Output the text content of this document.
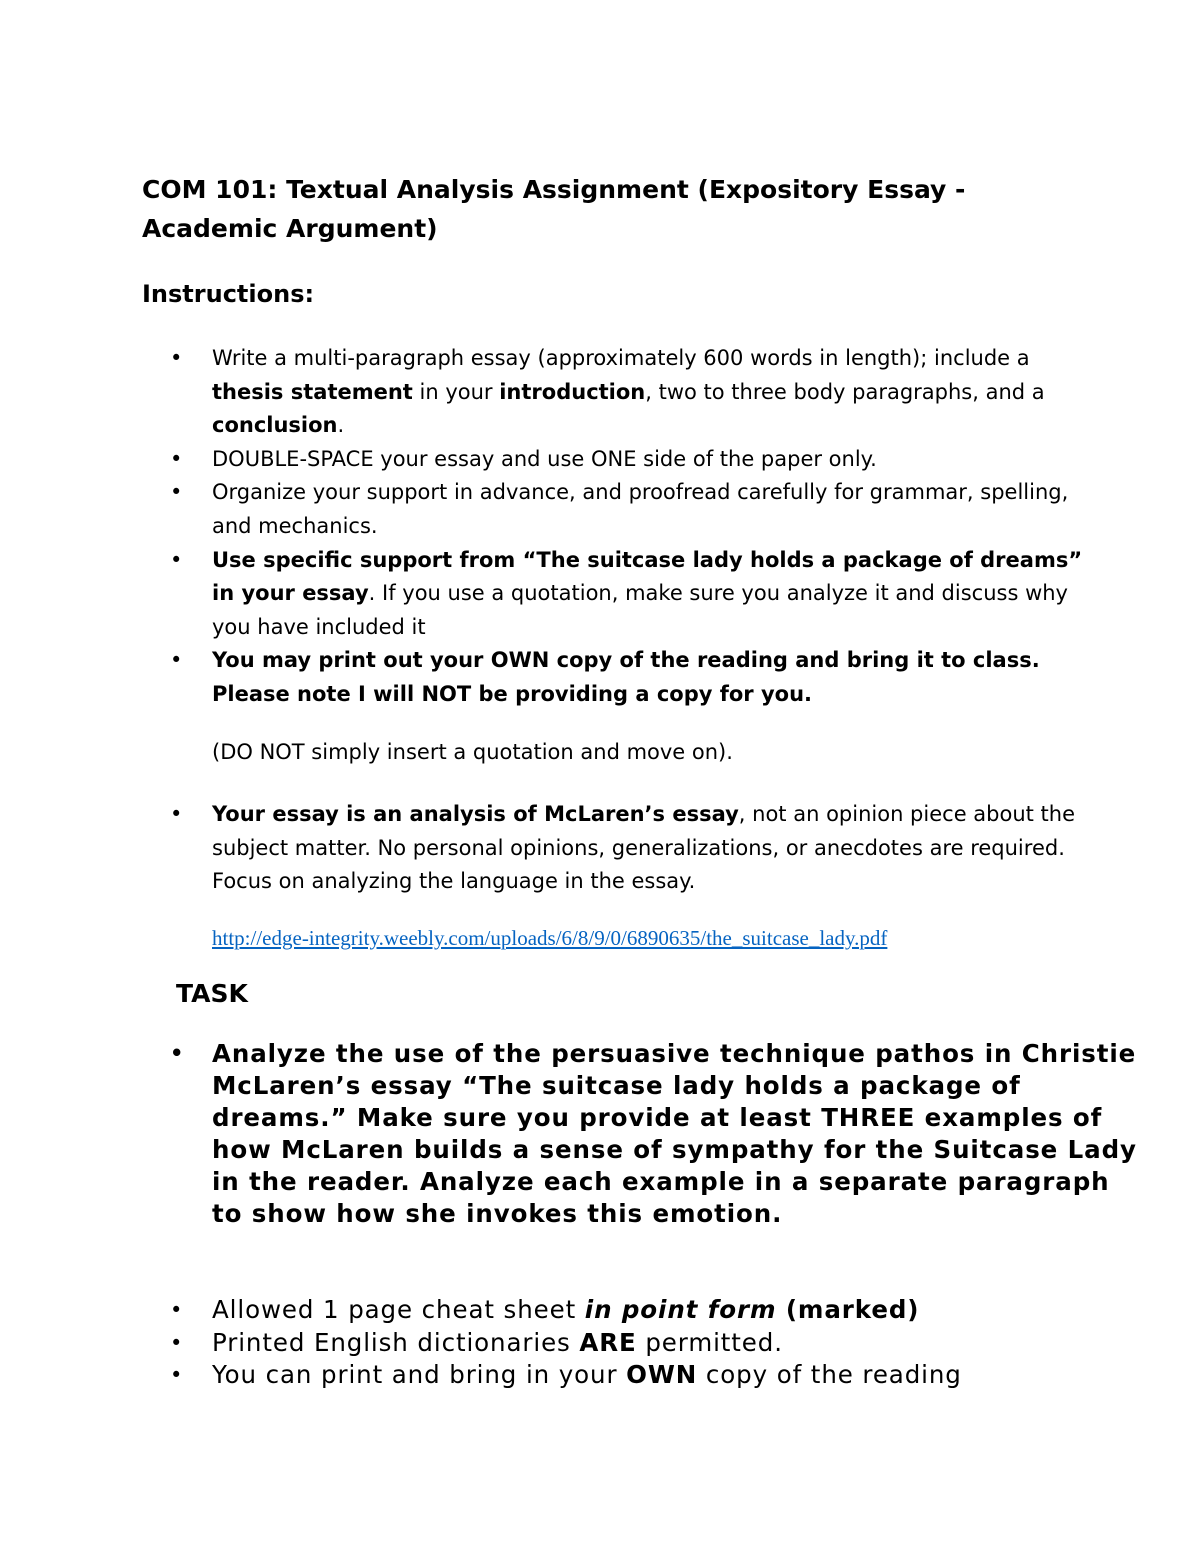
COM 101: Textual Analysis Assignment (Expository Essay - Academic Argument)
Instructions:
• Write a multi-paragraph essay (approximately 600 words in length); include a thesis statement in your introduction, two to three body paragraphs, and a conclusion.
• DOUBLE-SPACE your essay and use ONE side of the paper only.
• Organize your support in advance, and proofread carefully for grammar, spelling, and mechanics.
• Use specific support from “The suitcase lady holds a package of dreams” in your essay. If you use a quotation, make sure you analyze it and discuss why you have included it
• You may print out your OWN copy of the reading and bring it to class. Please note I will NOT be providing a copy for you.

(DO NOT simply insert a quotation and move on).

• Your essay is an analysis of McLaren’s essay, not an opinion piece about the subject matter. No personal opinions, generalizations, or anecdotes are required. Focus on analyzing the language in the essay.
http://edge-integrity.weebly.com/uploads/6/8/9/0/6890635/the_suitcase_lady.pdf
TASK
• Analyze the use of the persuasive technique pathos in Christie McLaren’s essay “The suitcase lady holds a package of dreams.” Make sure you provide at least THREE examples of how McLaren builds a sense of sympathy for the Suitcase Lady in the reader. Analyze each example in a separate paragraph to show how she invokes this emotion.
• Allowed 1 page cheat sheet in point form (marked)
• Printed English dictionaries ARE permitted.
• You can print and bring in your OWN copy of the reading
